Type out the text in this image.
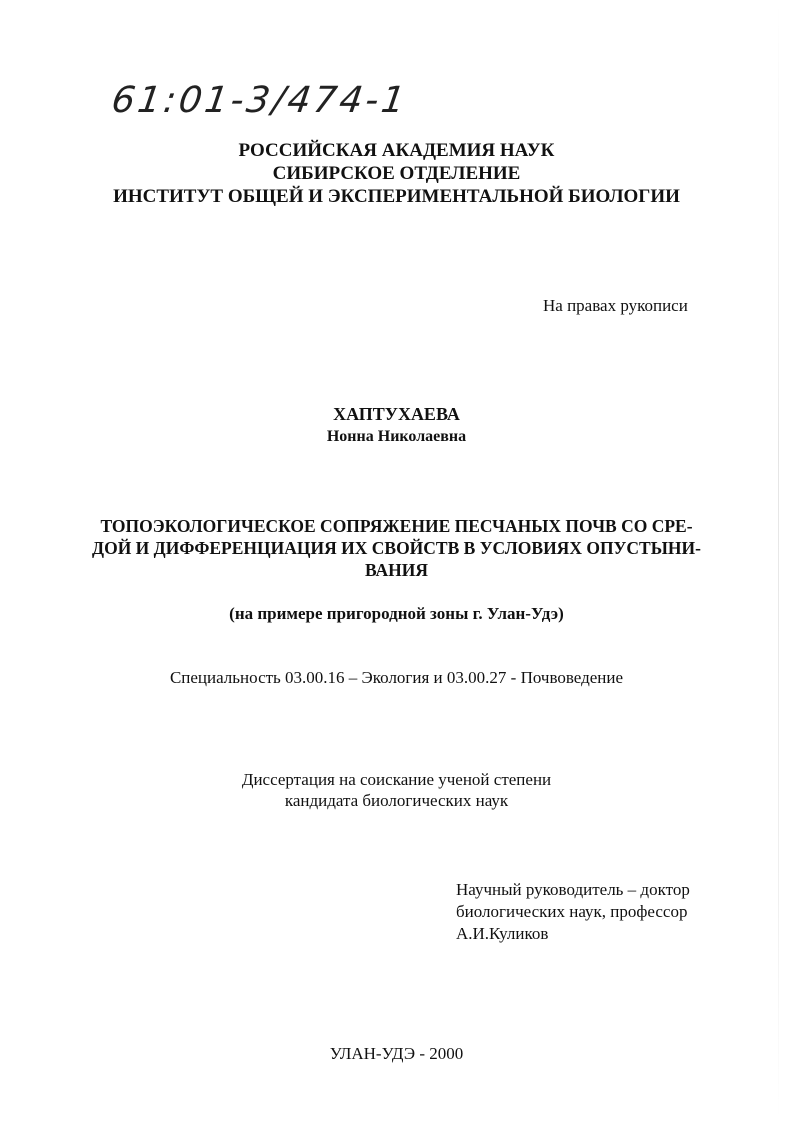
61:01-3/474-1
РОССИЙСКАЯ АКАДЕМИЯ НАУК
СИБИРСКОЕ ОТДЕЛЕНИЕ
ИНСТИТУТ ОБЩЕЙ И ЭКСПЕРИМЕНТАЛЬНОЙ БИОЛОГИИ
На правах рукописи
ХАПТУХАЕВА
Нонна Николаевна
ТОПОЭКОЛОГИЧЕСКОЕ СОПРЯЖЕНИЕ ПЕСЧАНЫХ ПОЧВ СО СРЕ-
ДОЙ И ДИФФЕРЕНЦИАЦИЯ ИХ СВОЙСТВ В УСЛОВИЯХ ОПУСТЫНИ-
ВАНИЯ
(на примере пригородной зоны г. Улан-Удэ)
Специальность 03.00.16 – Экология и 03.00.27 - Почвоведение
Диссертация на соискание ученой степени
кандидата биологических наук
Научный руководитель – доктор
биологических наук, профессор
А.И.Куликов
УЛАН-УДЭ - 2000
